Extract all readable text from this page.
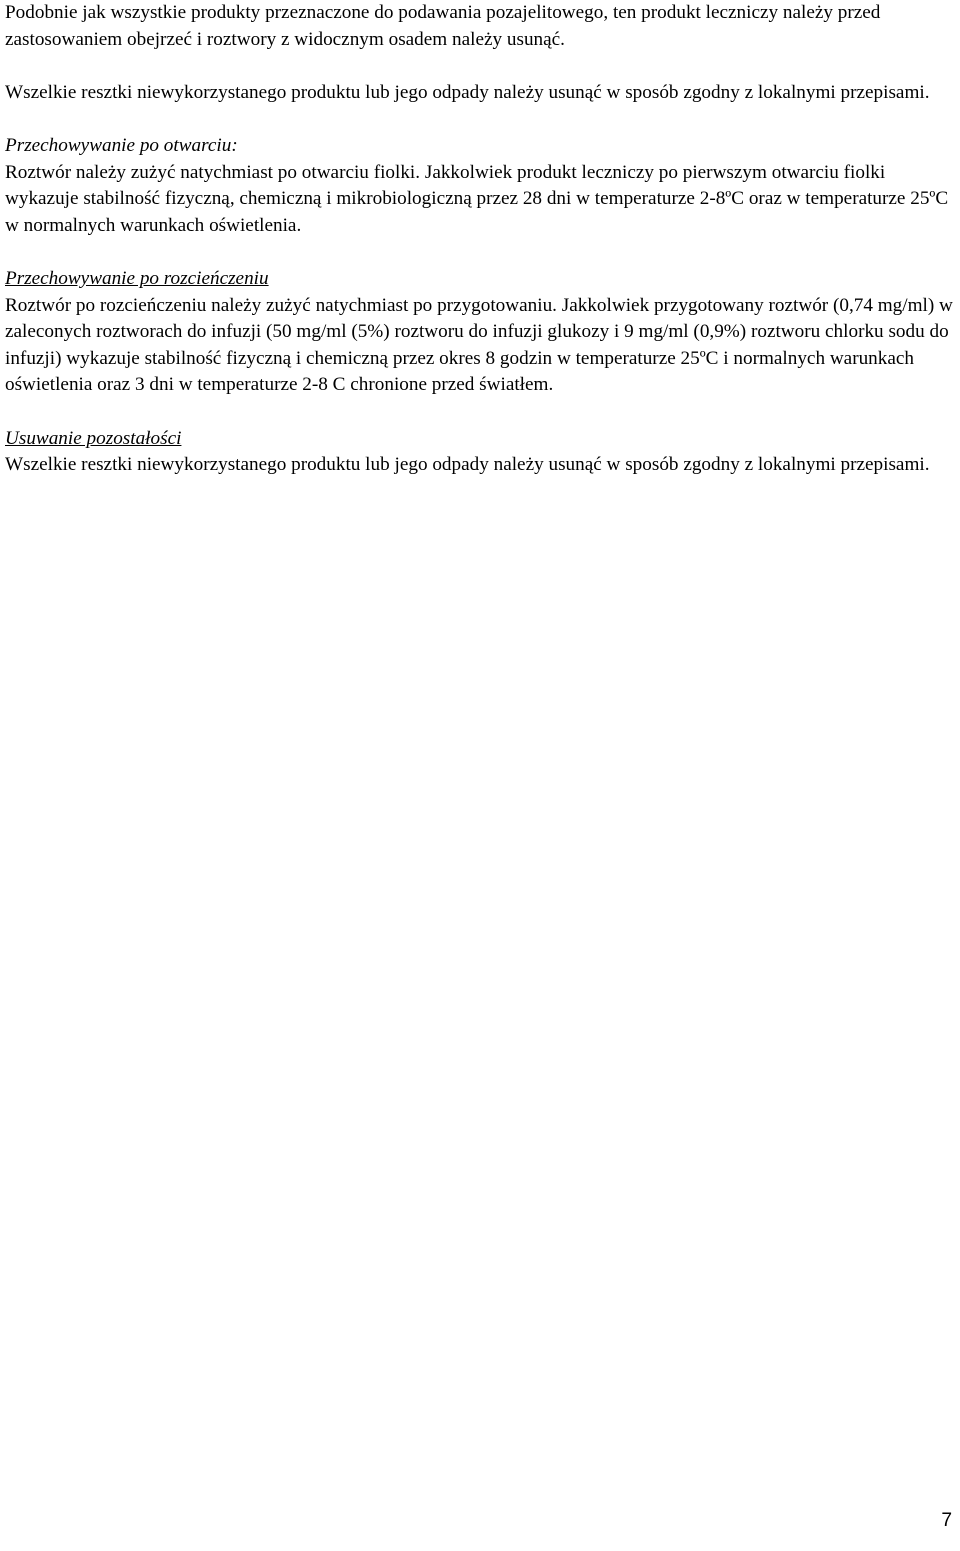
Podobnie jak wszystkie produkty przeznaczone do podawania pozajelitowego, ten produkt leczniczy należy przed zastosowaniem obejrzeć i roztwory z widocznym osadem należy usunąć.

Wszelkie resztki niewykorzystanego produktu lub jego odpady należy usunąć w sposób zgodny z lokalnymi przepisami.

Przechowywanie po otwarciu:
Roztwór należy zużyć natychmiast po otwarciu fiolki. Jakkolwiek produkt leczniczy po pierwszym otwarciu fiolki wykazuje stabilność fizyczną, chemiczną i mikrobiologiczną przez 28 dni w temperaturze 2-8ºC oraz w temperaturze 25ºC w normalnych warunkach oświetlenia.
Przechowywanie po rozcieńczeniu
Roztwór po rozcieńczeniu należy zużyć natychmiast po przygotowaniu. Jakkolwiek przygotowany roztwór (0,74 mg/ml) w zaleconych roztworach do infuzji (50 mg/ml (5%) roztworu do infuzji glukozy i 9 mg/ml (0,9%) roztworu chlorku sodu do infuzji) wykazuje stabilność fizyczną i chemiczną przez okres 8 godzin w temperaturze 25ºC i normalnych warunkach oświetlenia oraz 3 dni w temperaturze 2-8 C chronione przed światłem.
Usuwanie pozostałości
Wszelkie resztki niewykorzystanego produktu lub jego odpady należy usunąć w sposób zgodny z lokalnymi przepisami.
7
